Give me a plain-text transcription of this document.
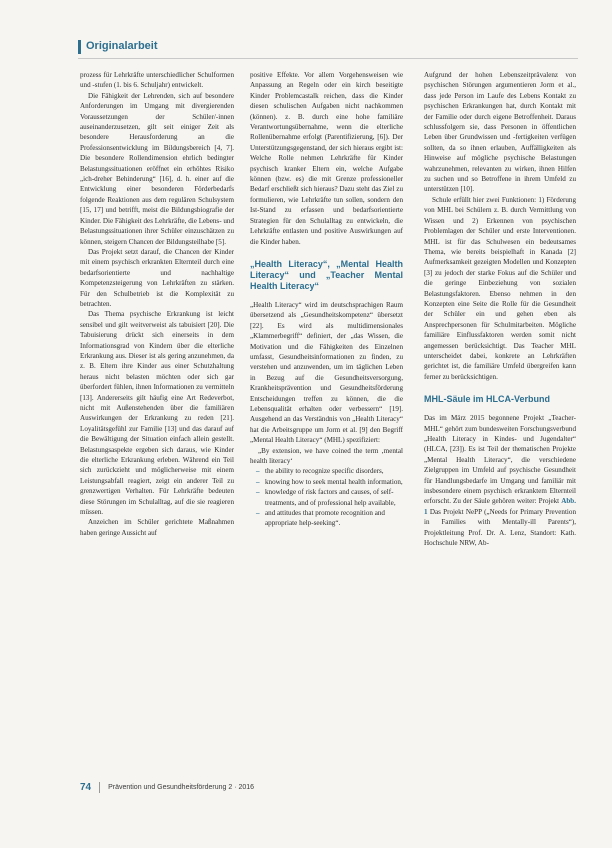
Originalarbeit

prozess für Lehrkräfte unterschiedlicher Schulformen und -stufen (1. bis 6. Schuljahr) entwickelt.

Die Fähigkeit der Lehrenden, sich auf besondere Anforderungen im Umgang mit divergierenden Voraussetzungen der Schüler/-innen auseinanderzusetzen, gilt seit einiger Zeit als besondere Herausforderung an die Professionsentwicklung im Bildungsbereich [4, 7]. Die besondere Rollendimension ehrlich bedingter Belastungssituationen eröffnet ein erhöhtes Risiko „ich-dreher Behinderung“ [16], d. h. einer auf die Entwicklung einer besonderen Förderbedarfs folgende Reaktionen aus dem regulären Schulsystem [15, 17] und betrifft, meist die Bildungsbiografie der Kinder. Die Fähigkeit des Lehrkräfte, die Lebens- und Belastungssituationen ihrer Schüler einzuschätzen zu können, steigern Chancen der Bildungsteilhabe [5].

Das Projekt setzt darauf, die Chancen der Kinder mit einem psychisch erkrankten Elternteil durch eine bedarfsorientierte und nachhaltige Kompetenzsteigerung von Lehrkräften zu stärken. Für den Schulbetrieb ist die Komplexität zu betrachten.

Das Thema psychische Erkrankung ist leicht sensibel und gilt weitverweist als tabuisiert [20]. Die Tabuisierung drückt sich einerseits in dem Informationsgrad von Kindern über die elterliche Erkrankung aus. Dieser ist als gering anzunehmen, da z. B. Eltern ihre Kinder aus einer Schutzhaltung heraus nicht belasten möchten oder sich gar überfordert fühlen, ihnen Informationen zu vermitteln [13]. Andererseits gilt häufig eine Art Redeverbot, nicht mit Außenstehenden über die familiären Auswirkungen der Erkrankung zu reden [21]. Loyalitätsgefühl zur Familie [13] und das darauf auf die Bewältigung der Situation einfach allein gestellt. Belastungsaspekte ergeben sich daraus, wie Kinder die elterliche Erkrankung erleben. Während ein Teil sich zurückzieht und möglicherweise mit einem Leistungsabfall reagiert, zeigt ein anderer Teil zu grenzwertigen Verhalten. Für Lehrkräfte bedeuten diese Störungen im Schulalltag, auf die sie reagieren müssen.

Anzeichen im Schüler gerichtete Maßnahmen haben geringe Aussicht auf

positive Effekte. Vor allem Vorgehensweisen wie Anpassung an Regeln oder ein kirch beseitigte Kinder Problemcastalk reichen, dass die Kinder diesen schulischen Aufgaben nicht nachkommen (können). z. B. durch eine hohe familiäre Verantwortungsübernahme, wenn die elterliche Rollenübernahme erfolgt (Parentifizierung, [6]). Der Unterstützungsgegenstand, der sich hieraus ergibt ist: Welche Rolle nehmen Lehrkräfte für Kinder psychisch kranker Eltern ein, welche Aufgabe können (bzw. es) die mit Grenze professioneller Bedarf erschließt sich hieraus? Dazu steht das Ziel zu formulieren, wie Lehrkräfte tun sollen, sondern den Ist-Stand zu erfassen und bedarfsorientierte Strategien für den Schulalltag zu entwickeln, die Lehrkräfte entlasten und positive Auswirkungen auf die Kinder haben.

„Health Literacy“, „Mental Health Literacy“ und „Teacher Mental Health Literacy“

„Health Literacy“ wird im deutschsprachigen Raum übersetzend als „Gesundheitskompetenz“ übersetzt [22]. Es wird als multidimensionales „Klammerbegriff“ definiert, der „das Wissen, die Motivation und die Fähigkeiten des Einzelnen umfasst, Gesundheitsinformationen zu finden, zu verstehen und anzuwenden, um im täglichen Leben in Bezug auf die Gesundheitsversorgung, Krankheitsprävention und Gesundheitsförderung Entscheidungen treffen zu können, die die Lebensqualität erhalten oder verbessern“ [19]. Ausgehend an das Verständnis von „Health Literacy“ hat die Arbeitsgruppe um Jorm et al. [9] den Begriff „Mental Health Literacy“ (MHL) spezifiziert:

„By extension, we have coined the term ‚mental health literacy‘

– the ability to recognize specific disorders,
– knowing how to seek mental health information,
– knowledge of risk factors and causes, of self-treatments, and of professional help available,
– and attitudes that promote recognition and appropriate help-seeking“.

Aufgrund der hohen Lebenszeitprävalenz von psychischen Störungen argumentieren Jorm et al., dass jede Person im Laufe des Lebens Kontakt zu psychischen Erkrankungen hat, durch Kontakt mit der Familie oder durch eigene Betroffenheit. Daraus schlussfolgern sie, dass Personen in öffentlichen Leben über Grundwissen und -fertigkeiten verfügen sollten, da so ihnen erlauben, Auffälligkeiten als Hinweise auf mögliche psychische Belastungen wahrzunehmen, relevanten zu wirken, ihnen Hilfen zu suchen und so Betroffene in ihrem Umfeld zu unterstützen [10].

Schule erfüllt hier zwei Funktionen: 1) Förderung von MHL bei Schülern z. B. durch Vermittlung von Wissen und 2) Erkennen von psychischen Problemlagen der Schüler und erste Interventionen. MHL ist für das Schulwesen ein bedeutsames Thema, wie bereits beispielhaft in Kanada [2] Aufmerksamkeit gezeigten Modellen und Konzepten [3] zu jedoch der starke Fokus auf die Schüler und die geringe Einbeziehung von sozialen Belastungsfaktoren. Ebenso nehmen in den Konzepten eine Seite die Rolle für die Gesundheit der Schüler ein und gehen eben als Ansprechpersonen für Schulmitarbeiten. Mögliche familiäre Einflussfaktoren werden somit nicht angemessen berücksichtigt. Das Teacher MHL unterscheidet dabei, konkrete an Lehrkräften gerichtet ist, die familiäre Umfeld übergreifen kann ferner zu berücksichtigen.

MHL-Säule im HLCA-Verbund

Das im März 2015 begonnene Projekt „Teacher-MHL“ gehört zum bundesweiten Forschungsverbund „Health Literacy in Kindes- und Jugendalter“ (HLCA, [23]). Es ist Teil der thematischen Projekte „Mental Health Literacy“, die verschiedene Zielgruppen im Umfeld auf psychische Gesundheit für Handlungsbedarfe im Umgang und familiär mit insbesondere einem psychisch erkranktem Elternteil erforscht. Zu der Säule gehören weiter: Projekt Abb. 1 Das Projekt NePP („Needs for Primary Prevention in Families with Mentally-ill Parents“), Projektleitung Prof. Dr. A. Lenz, Standort: Kath. Hochschule NRW, Ab-

74 Prävention und Gesundheitsförderung 2 · 2016
